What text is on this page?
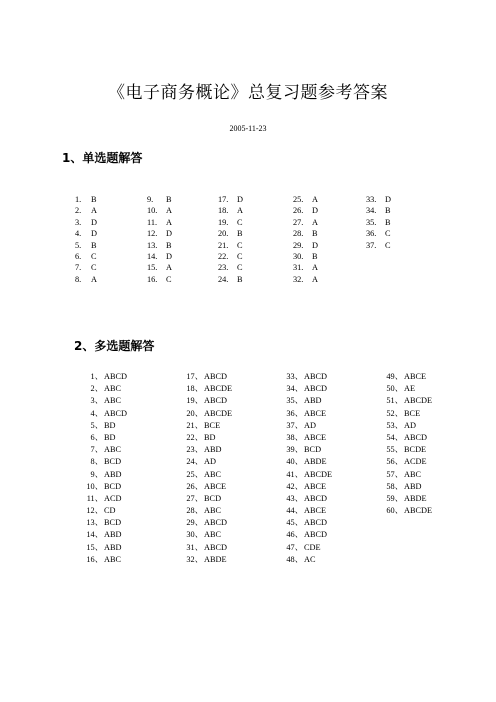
《电子商务概论》总复习题参考答案
2005-11-23
1、单选题解答
1. B
2. A
3. D
4. D
5. B
6. C
7. C
8. A
9. B
10. A
11. A
12. D
13. B
14. D
15. A
16. C
17. D
18. A
19. C
20. B
21. C
22. C
23. C
24. B
25. A
26. D
27. A
28. B
29. D
30. B
31. A
32. A
33. D
34. B
35. B
36. C
37. C
2、多选题解答
1、ABCD
2、ABC
3、ABC
4、ABCD
5、BD
6、BD
7、ABC
8、BCD
9、ABD
10、BCD
11、ACD
12、CD
13、BCD
14、ABD
15、ABD
16、ABC
17、ABCD
18、ABCDE
19、ABCD
20、ABCDE
21、BCE
22、BD
23、ABD
24、AD
25、ABC
26、ABCE
27、BCD
28、ABC
29、ABCD
30、ABC
31、ABCD
32、ABDE
33、ABCD
34、ABCD
35、ABD
36、ABCE
37、AD
38、ABCE
39、BCD
40、ABDE
41、ABCDE
42、ABCE
43、ABCD
44、ABCE
45、ABCD
46、ABCD
47、CDE
48、AC
49、ABCE
50、AE
51、ABCDE
52、BCE
53、AD
54、ABCD
55、BCDE
56、ACDE
57、ABC
58、ABD
59、ABDE
60、ABCDE
